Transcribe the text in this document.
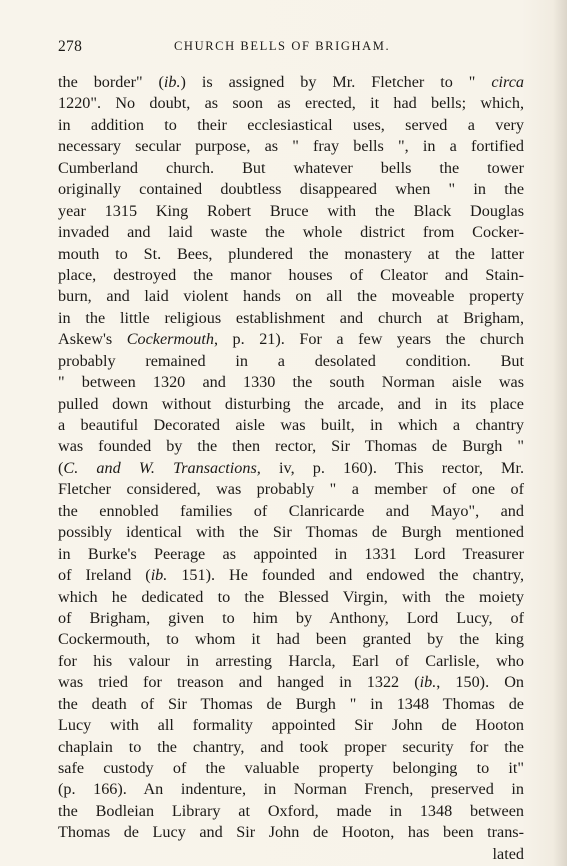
278	CHURCH BELLS OF BRIGHAM.
the border" (ib.) is assigned by Mr. Fletcher to " circa
1220". No doubt, as soon as erected, it had bells; which,
in addition to their ecclesiastical uses, served a very
necessary secular purpose, as " fray bells ", in a fortified
Cumberland church. But whatever bells the tower
originally contained doubtless disappeared when " in the
year 1315 King Robert Bruce with the Black Douglas
invaded and laid waste the whole district from Cocker-
mouth to St. Bees, plundered the monastery at the latter
place, destroyed the manor houses of Cleator and Stain-
burn, and laid violent hands on all the moveable property
in the little religious establishment and church at Brigham,
Askew's Cockermouth, p. 21). For a few years the church
probably remained in a desolated condition. But
" between 1320 and 1330 the south Norman aisle was
pulled down without disturbing the arcade, and in its place
a beautiful Decorated aisle was built, in which a chantry
was founded by the then rector, Sir Thomas de Burgh "
(C. and W. Transactions, iv, p. 160). This rector, Mr.
Fletcher considered, was probably " a member of one of
the ennobled families of Clanricarde and Mayo", and
possibly identical with the Sir Thomas de Burgh mentioned
in Burke's Peerage as appointed in 1331 Lord Treasurer
of Ireland (ib. 151). He founded and endowed the chantry,
which he dedicated to the Blessed Virgin, with the moiety
of Brigham, given to him by Anthony, Lord Lucy, of
Cockermouth, to whom it had been granted by the king
for his valour in arresting Harcla, Earl of Carlisle, who
was tried for treason and hanged in 1322 (ib., 150). On
the death of Sir Thomas de Burgh " in 1348 Thomas de
Lucy with all formality appointed Sir John de Hooton
chaplain to the chantry, and took proper security for the
safe custody of the valuable property belonging to it"
(p. 166). An indenture, in Norman French, preserved in
the Bodleian Library at Oxford, made in 1348 between
Thomas de Lucy and Sir John de Hooton, has been trans-
lated
